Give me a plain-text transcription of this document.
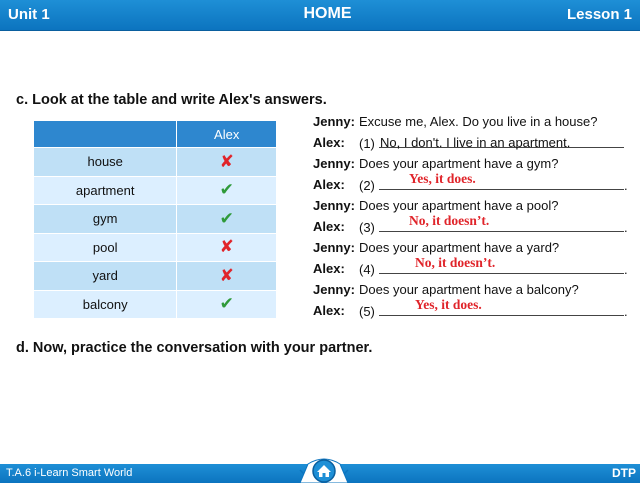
Unit 1	HOME	Lesson 1
c. Look at the table and write Alex's answers.
	Alex
house	✘
apartment	✔
gym	✔
pool	✘
yard	✘
balcony	✔
Jenny: Excuse me, Alex. Do you live in a house?
Alex: (1) No, I don't. I live in an apartment.
Jenny: Does your apartment have a gym?
Alex: (2)	Yes, it does.	.
Jenny: Does your apartment have a pool?
Alex: (3)	No, it doesn’t.	.
Jenny: Does your apartment have a yard?
Alex: (4)	No, it doesn’t.	.
Jenny: Does your apartment have a balcony?
Alex: (5)	Yes, it does.	.
d. Now, practice the conversation with your partner.
T.A.6 i-Learn Smart World	DTP
